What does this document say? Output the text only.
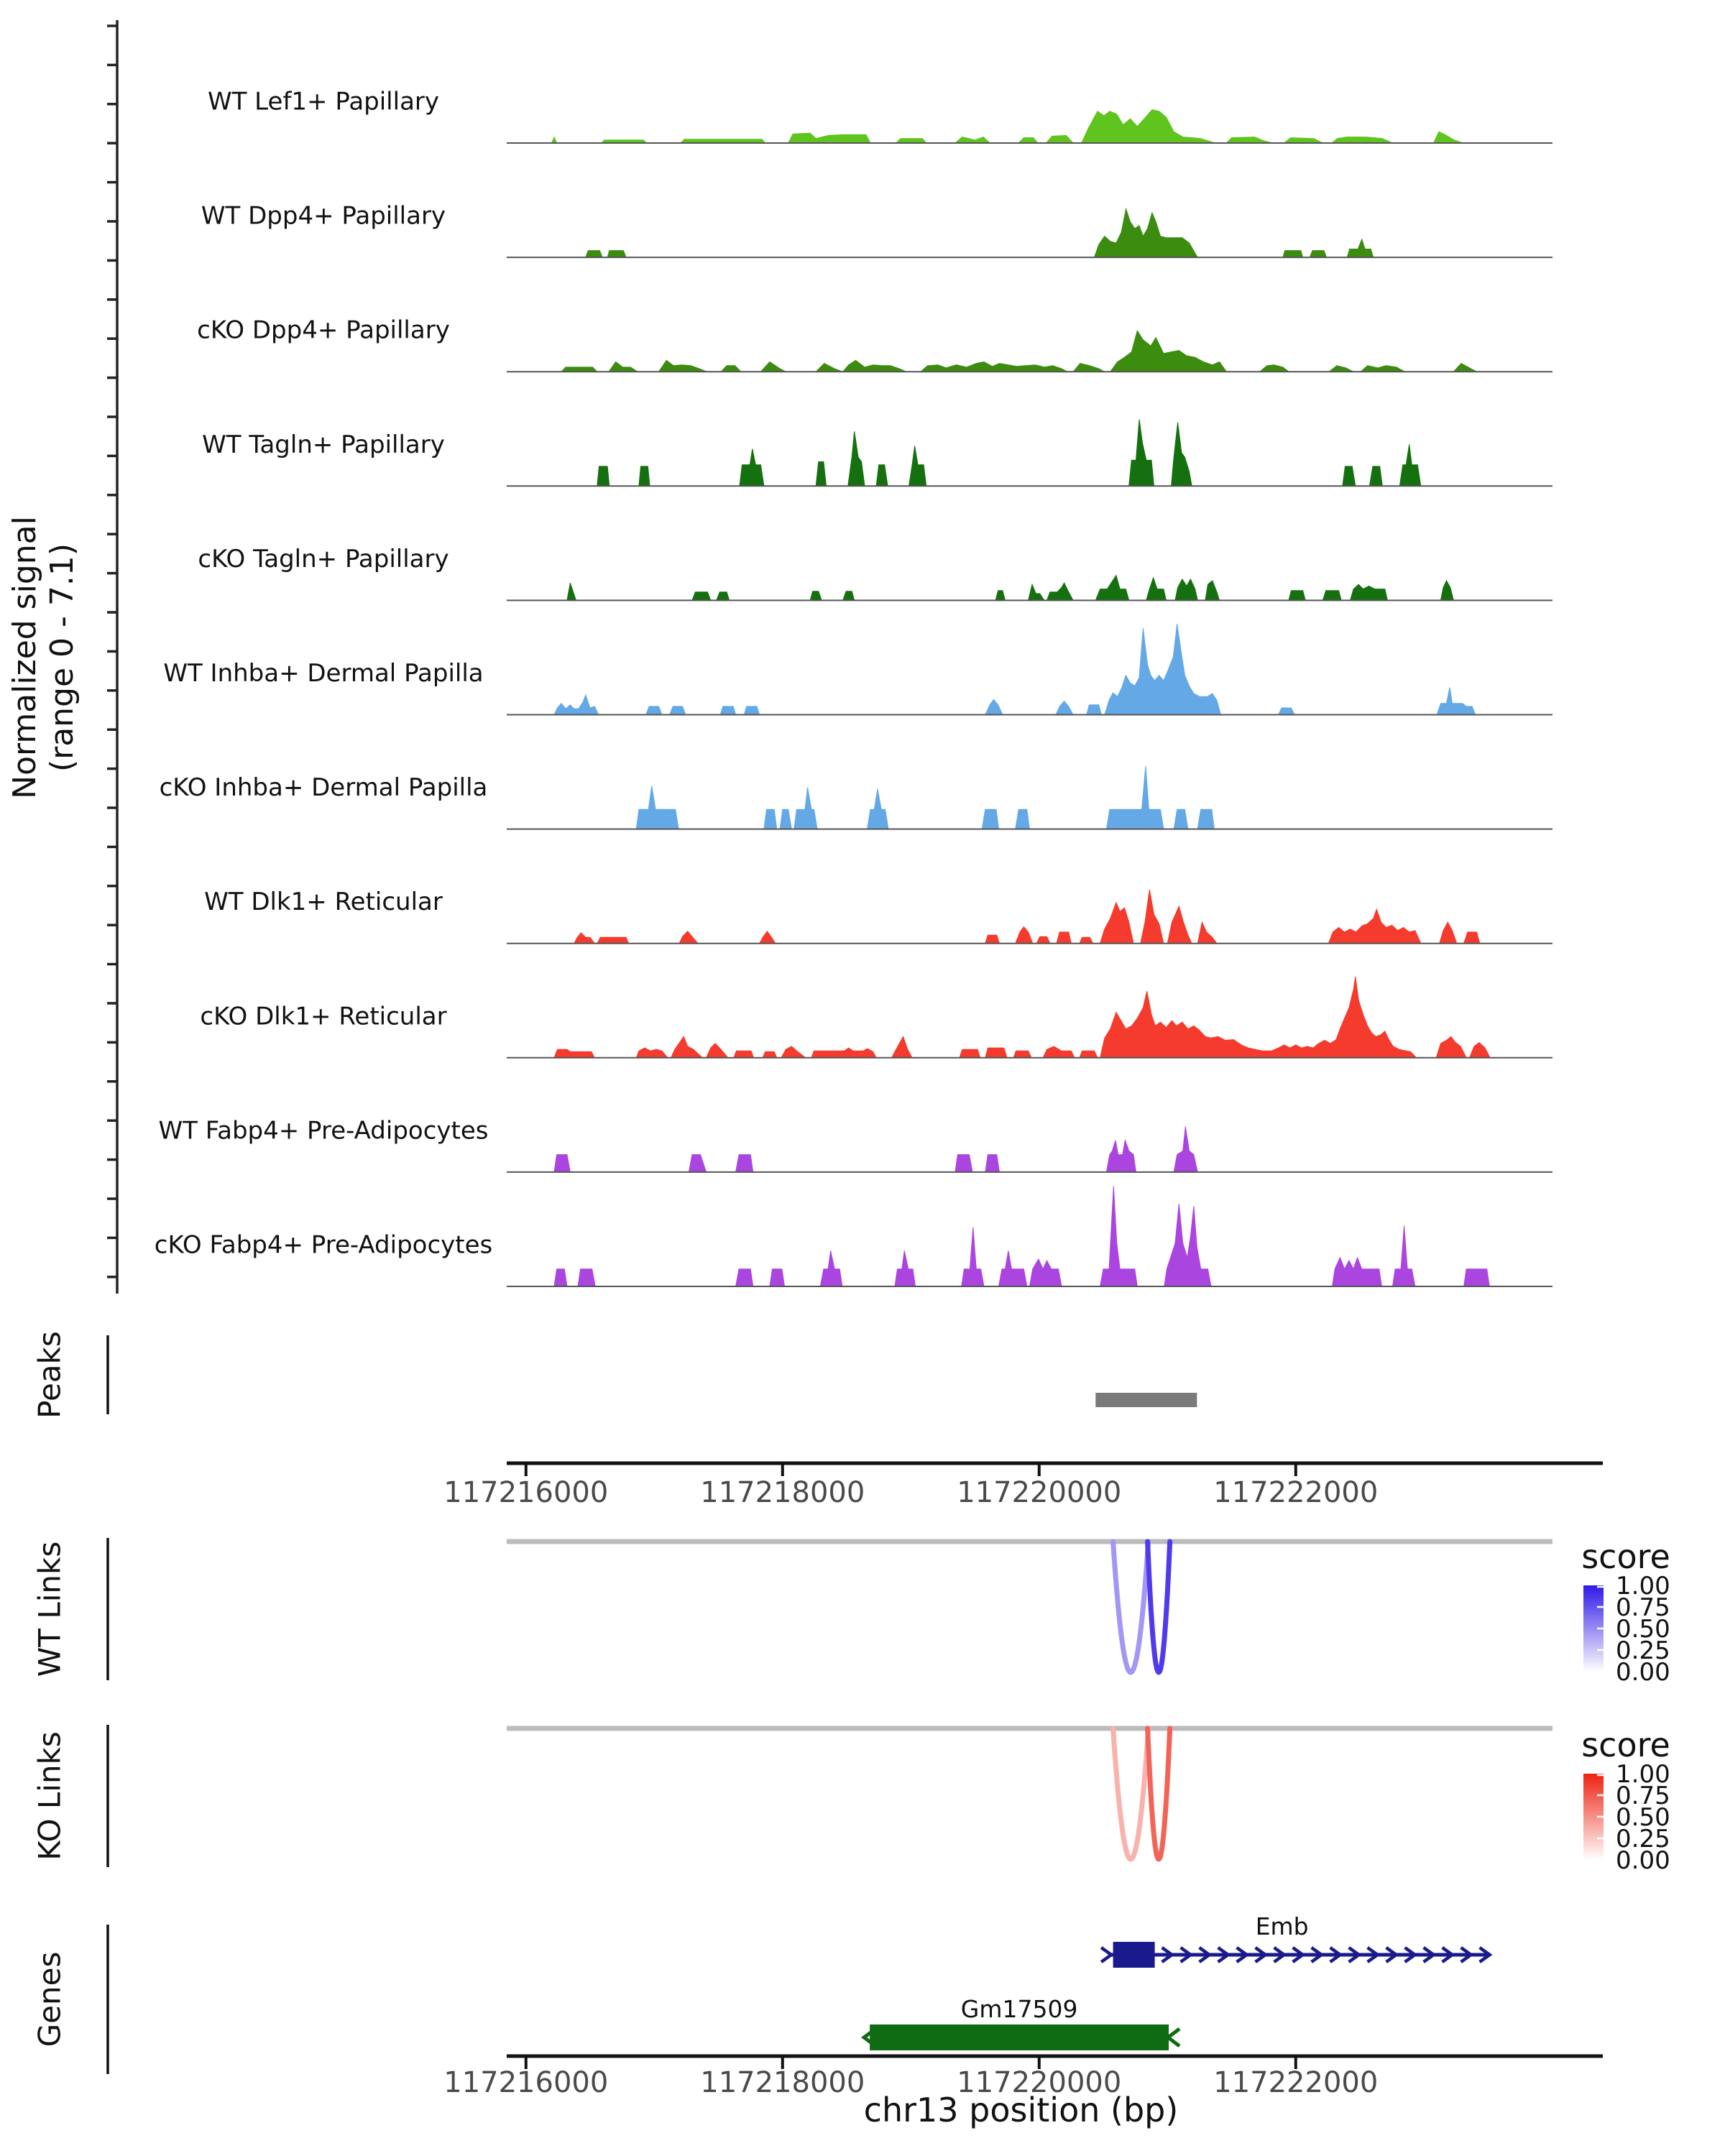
WT Lef1+ Papillary
WT Dpp4+ Papillary
cKO Dpp4+ Papillary
WT Tagln+ Papillary
cKO Tagln+ Papillary
WT Inhba+ Dermal Papilla
cKO Inhba+ Dermal Papilla
WT Dlk1+ Reticular
cKO Dlk1+ Reticular
WT Fabp4+ Pre-Adipocytes
cKO Fabp4+ Pre-Adipocytes
Normalized signal(range 0 - 7.1)
Peaks
WT Links
KO Links
Genes
117216000	117218000	117220000	117222000
117216000	117218000	117220000	117222000
chr13 position (bp)
score
1.00
0.75
0.50
0.25
0.00
score
1.00
0.75
0.50
0.25
0.00
Emb
Gm17509
